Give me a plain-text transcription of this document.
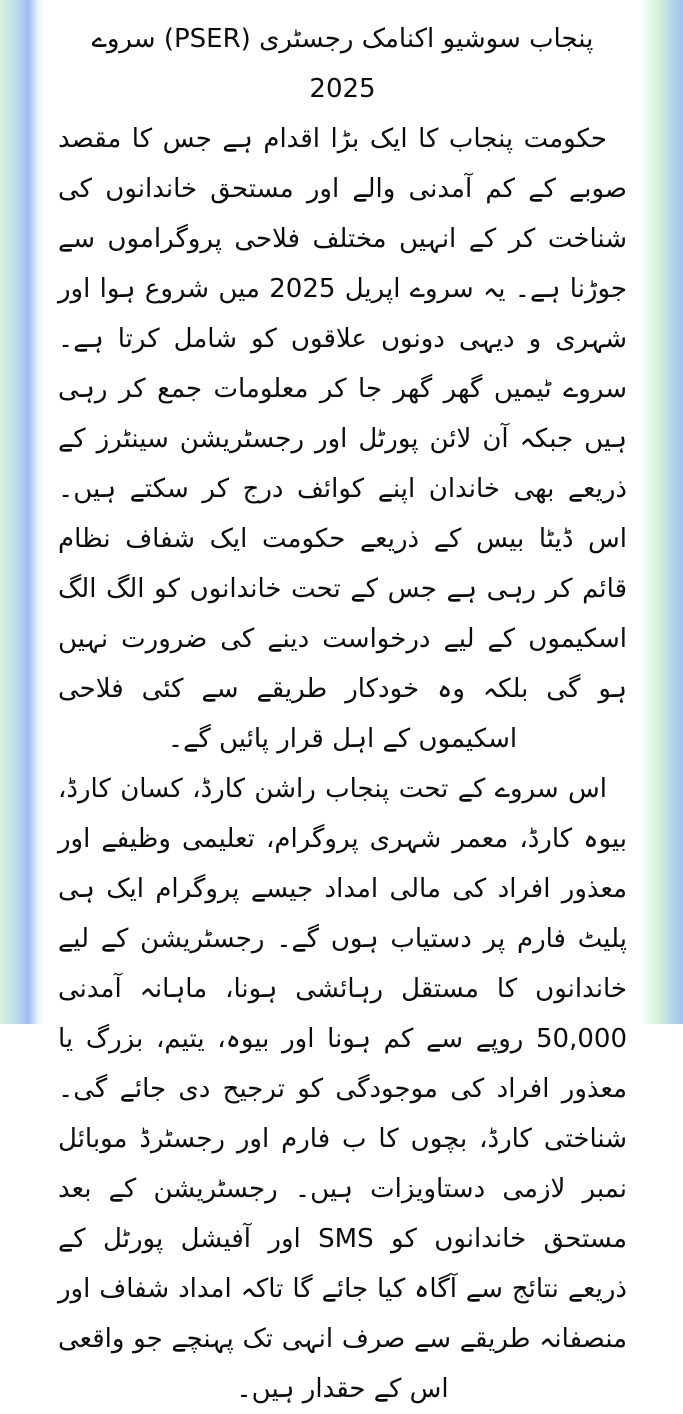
پنجاب سوشیو اکنامک رجسٹری (PSER) سروے 2025

حکومت پنجاب کا ایک بڑا اقدام ہے جس کا مقصد صوبے کے کم آمدنی والے اور مستحق خاندانوں کی شناخت کر کے انہیں مختلف فلاحی پروگراموں سے جوڑنا ہے۔ یہ سروے اپریل 2025 میں شروع ہوا اور شہری و دیہی دونوں علاقوں کو شامل کرتا ہے۔ سروے ٹیمیں گھر گھر جا کر معلومات جمع کر رہی ہیں جبکہ آن لائن پورٹل اور رجسٹریشن سینٹرز کے ذریعے بھی خاندان اپنے کوائف درج کر سکتے ہیں۔ اس ڈیٹا بیس کے ذریعے حکومت ایک شفاف نظام قائم کر رہی ہے جس کے تحت خاندانوں کو الگ الگ اسکیموں کے لیے درخواست دینے کی ضرورت نہیں ہو گی بلکہ وہ خودکار طریقے سے کئی فلاحی اسکیموں کے اہل قرار پائیں گے۔

اس سروے کے تحت پنجاب راشن کارڈ، کسان کارڈ، بیوہ کارڈ، معمر شہری پروگرام، تعلیمی وظیفے اور معذور افراد کی مالی امداد جیسے پروگرام ایک ہی پلیٹ فارم پر دستیاب ہوں گے۔ رجسٹریشن کے لیے خاندانوں کا مستقل رہائشی ہونا، ماہانہ آمدنی 50,000 روپے سے کم ہونا اور بیوہ، یتیم، بزرگ یا معذور افراد کی موجودگی کو ترجیح دی جائے گی۔ شناختی کارڈ، بچوں کا ب فارم اور رجسٹرڈ موبائل نمبر لازمی دستاویزات ہیں۔ رجسٹریشن کے بعد مستحق خاندانوں کو SMS اور آفیشل پورٹل کے ذریعے نتائج سے آگاہ کیا جائے گا تاکہ امداد شفاف اور منصفانہ طریقے سے صرف انہی تک پہنچے جو واقعی اس کے حقدار ہیں۔
